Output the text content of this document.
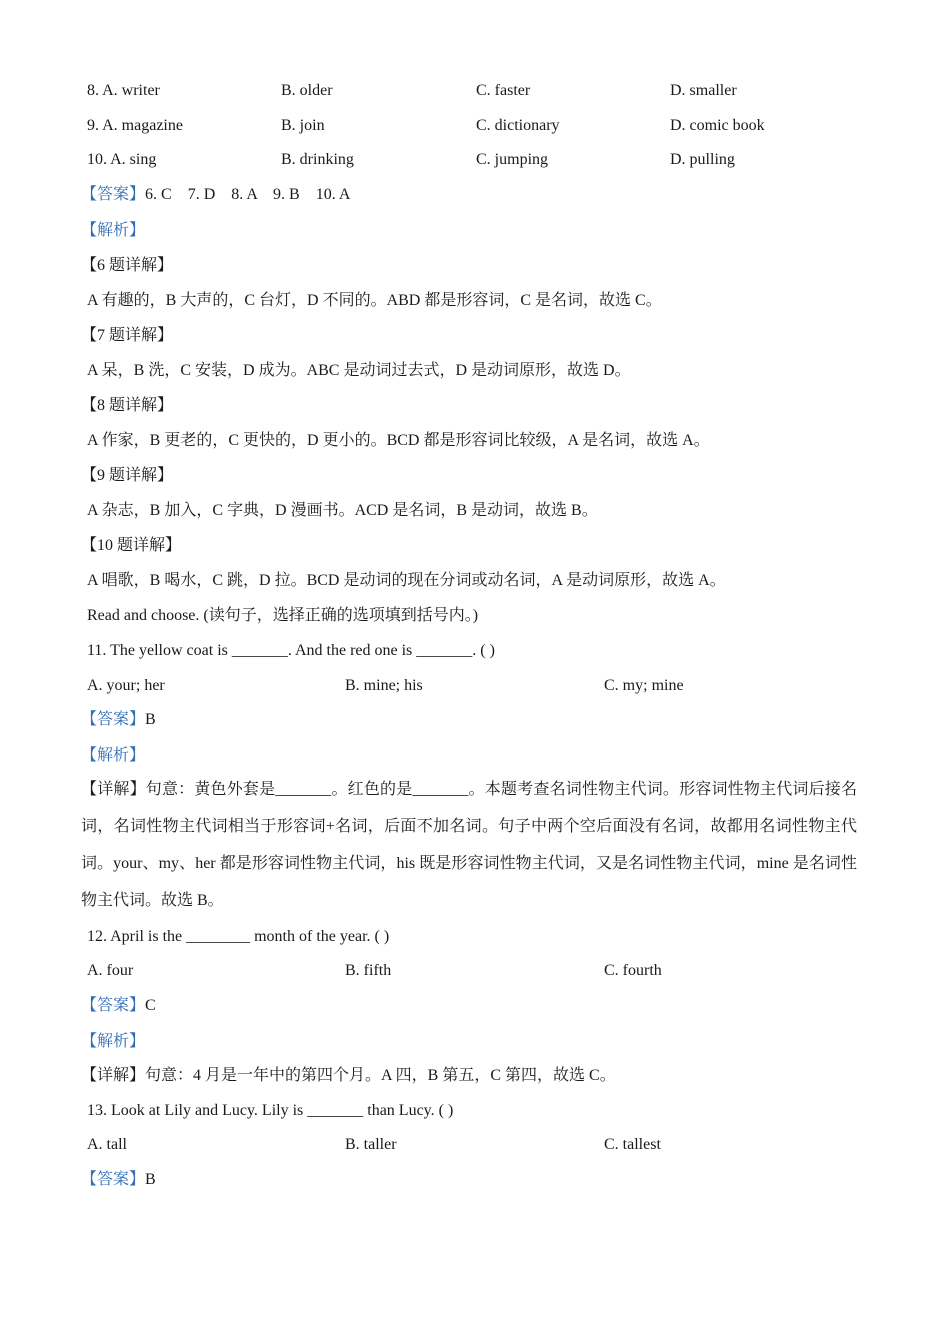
8. A. writer	B. older	C. faster	D. smaller
9. A. magazine	B. join	C. dictionary	D. comic book
10. A. sing	B. drinking	C. jumping	D. pulling
【答案】6. C    7. D    8. A    9. B    10. A
【解析】
【6 题详解】
A 有趣的，B 大声的，C 台灯，D 不同的。ABD 都是形容词，C 是名词，故选 C。
【7 题详解】
A 呆，B 洗，C 安装，D 成为。ABC 是动词过去式，D 是动词原形，故选 D。
【8 题详解】
A 作家，B 更老的，C 更快的，D 更小的。BCD 都是形容词比较级，A 是名词，故选 A。
【9 题详解】
A 杂志，B 加入，C 字典，D 漫画书。ACD 是名词，B 是动词，故选 B。
【10 题详解】
A 唱歌，B 喝水，C 跳，D 拉。BCD 是动词的现在分词或动名词，A 是动词原形，故选 A。
Read and choose. (读句子，选择正确的选项填到括号内。)
11. The yellow coat is _______. And the red one is _______. ( )
A. your; her	B. mine; his	C. my; mine
【答案】B
【解析】
【详解】句意：黄色外套是_______。红色的是_______。本题考查名词性物主代词。形容词性物主代词后接名词，名词性物主代词相当于形容词+名词，后面不加名词。句子中两个空后面没有名词，故都用名词性物主代词。your、my、her 都是形容词性物主代词，his 既是形容词性物主代词，又是名词性物主代词，mine 是名词性物主代词。故选 B。
12. April is the ________ month of the year. ( )
A. four	B. fifth	C. fourth
【答案】C
【解析】
【详解】句意：4 月是一年中的第四个月。A 四，B 第五，C 第四，故选 C。
13. Look at Lily and Lucy. Lily is _______ than Lucy. ( )
A. tall	B. taller	C. tallest
【答案】B
